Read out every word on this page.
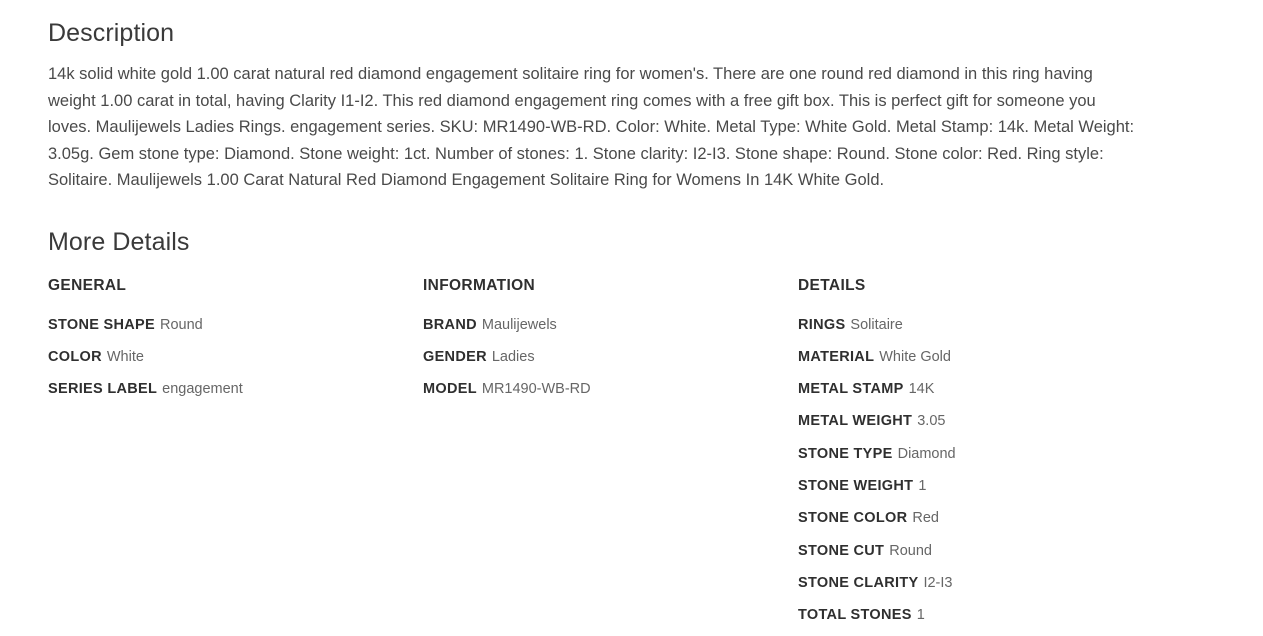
Description

14k solid white gold 1.00 carat natural red diamond engagement solitaire ring for women's. There are one round red diamond in this ring having weight 1.00 carat in total, having Clarity I1-I2. This red diamond engagement ring comes with a free gift box. This is perfect gift for someone you loves. Maulijewels Ladies Rings. engagement series. SKU: MR1490-WB-RD. Color: White. Metal Type: White Gold. Metal Stamp: 14k. Metal Weight: 3.05g. Gem stone type: Diamond. Stone weight: 1ct. Number of stones: 1. Stone clarity: I2-I3. Stone shape: Round. Stone color: Red. Ring style: Solitaire. Maulijewels 1.00 Carat Natural Red Diamond Engagement Solitaire Ring for Womens In 14K White Gold.

More Details
GENERAL
STONE SHAPE Round
COLOR White
SERIES LABEL engagement
INFORMATION
BRAND Maulijewels
GENDER Ladies
MODEL MR1490-WB-RD
DETAILS
RINGS Solitaire
MATERIAL White Gold
METAL STAMP 14K
METAL WEIGHT 3.05
STONE TYPE Diamond
STONE WEIGHT 1
STONE COLOR Red
STONE CUT Round
STONE CLARITY I2-I3
TOTAL STONES 1
